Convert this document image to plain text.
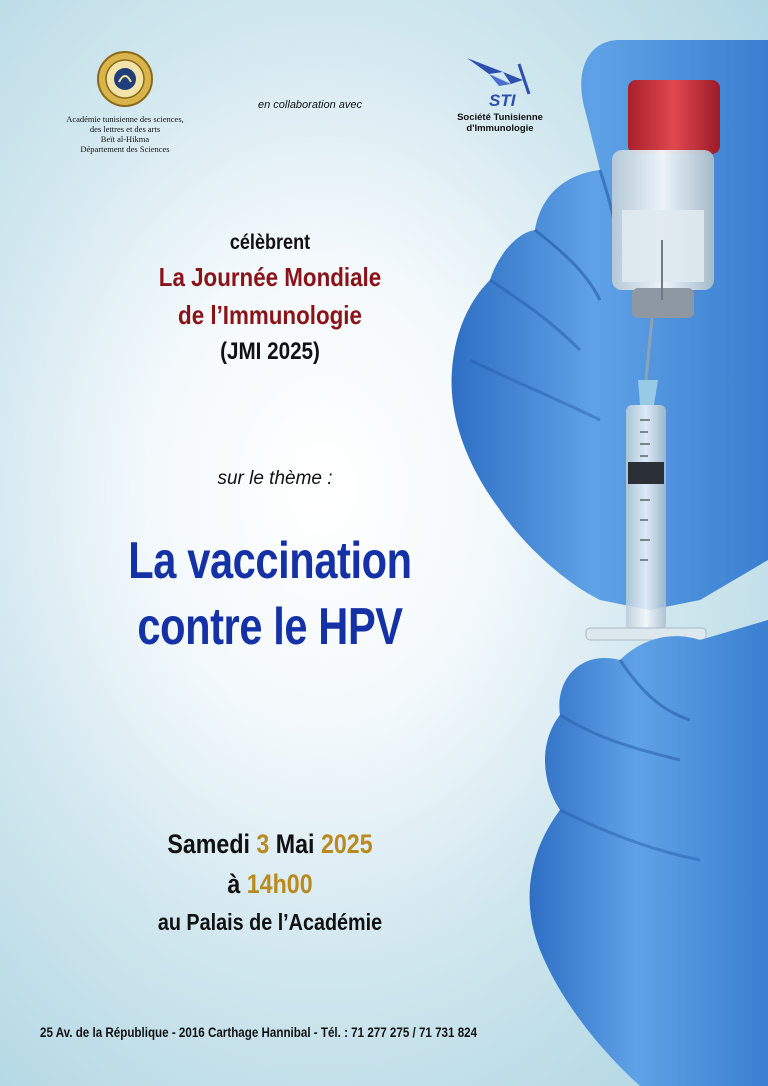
Académie tunisienne des sciences,
des lettres et des arts
Beït al-Hikma
Département des Sciences
en collaboration avec	STI
Société Tunisienne
d'Immunologie
célèbrent
La Journée Mondiale
de l’Immunologie
(JMI 2025)
sur le thème :
La vaccination
contre le HPV
Samedi 3 Mai 2025
à 14h00
au Palais de l’Académie
25 Av. de la République - 2016 Carthage Hannibal - Tél. : 71 277 275 / 71 731 824
